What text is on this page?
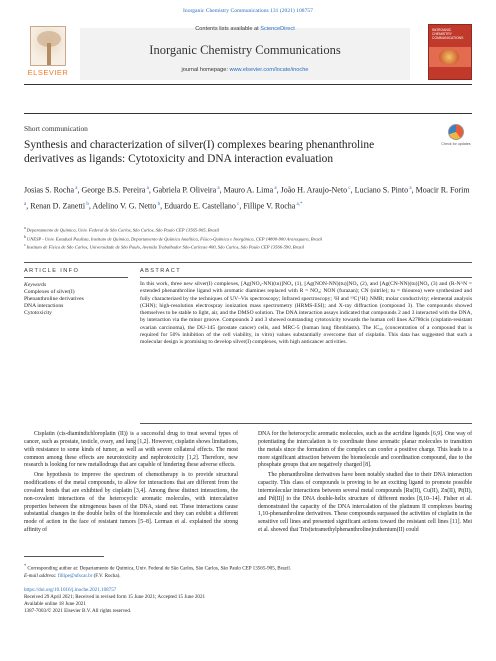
Inorganic Chemistry Communications 131 (2021) 108757
ELSEVIER
Contents lists available at ScienceDirect
Inorganic Chemistry Communications
journal homepage: www.elsevier.com/locate/inoche
INORGANIC CHEMISTRY COMMUNICATIONS
Short communication
Synthesis and characterization of silver(I) complexes bearing phenanthroline derivatives as ligands: Cytotoxicity and DNA interaction evaluation
Check for updates
Josias S. Rocha $^a$, George B.S. Pereira $^a$, Gabriela P. Oliveira $^a$, Mauro A. Lima $^a$, João H. Araujo-Neto $^c$, Luciano S. Pinto $^a$, Moacir R. Forim $^a$, Renan D. Zanetti $^b$, Adelino V. G. Netto $^b$, Eduardo E. Castellano $^c$, Fillipe V. Rocha $^{a,*}$
$^a$ Departamento de Química, Univ. Federal de São Carlos, São Carlos, São Paulo CEP 13565-905, Brazil
$^b$ UNESP - Univ. Estadual Paulista, Instituto de Química, Departamento de Química Analítica, Físico-Química e Inorgânica, CEP 14800-900 Araraquara, Brazil
$^c$ Instituto de Física de São Carlos, Universidade de São Paulo, Avenida Trabalhador São-Carlense 400, São Carlos, São Paulo CEP 13566-590, Brazil
ARTICLE INFO	ABSTRACT
Keywords
Complexes of silver(I)
Phenanthroline derivatives
DNA interactions
Cytotoxicity
In this work, three new silver(I) complexes, [Ag(NO₂-NN)(tu)]NO₃ (1), [Ag(NON-NN)(tu)]NO₃ (2), and [Ag(CN-NN)(tu)]NO₃ (3) and (R-N^N = extended phenanthroline ligand with aromatic diamines replaced with R = NO₂; NON (furazan); CN (nitrile); tu = thiourea) were synthesized and fully characterized by the techniques of UV–Vis spectroscopy; Infrared spectroscopy; ¹H and ¹³C{¹H} NMR; molar conductivity; elemental analysis (CHN); high-resolution electrospray ionization mass spectrometry (HRMS-ESI); and X-ray diffraction (compound 3). The compounds showed themselves to be stable to light, air, and the DMSO solution. The DNA interaction assays indicated that compounds 2 and 3 interacted with the DNA, by interaction via the minor groove. Compounds 2 and 3 showed outstanding cytotoxicity towards the human cell lines A2780cis (cisplatin-resistant ovarian carcinoma), the DU-145 (prostate cancer) cells, and MRC-5 (human lung fibroblasts). The IC₅₀ (concentration of a compound that is required for 50% inhibition of the cell viability, in vitro) values substantially overcome that of cisplatin. This data has suggested that such a molecular design is promising to develop silver(I) complexes, with high anticancer activities.

Cisplatin (cis-diamindichloroplatin (II)) is a successful drug to treat several types of cancer, such as prostate, testicle, ovary, and lung [1,2]. However, cisplatin shows limitations, with resistance to some kinds of tumor, as well as with severe collateral effects. The most common among these effects are neurotoxicity and nephrotoxicity [1,2]. Therefore, new research is looking for new metallodrugs that are capable of hindering these adverse effects.

One hypothesis to improve the spectrum of chemotherapy is to provide structural modifications of the metal compounds, to allow for interactions that are different from the covalent bonds that are exhibited by cisplatin [3,4]. Among these distinct interactions, the non-covalent interactions of the heterocyclic aromatic molecules, with intercalative properties between the nitrogenous bases of the DNA, stand out. These interactions cause substantial changes in the double helix of the biomolecule and they can exhibit a different mode of action in the face of resistant tumors [5–8]. Lerman et al. explained the strong affinity of

DNA for the heterocyclic aromatic molecules, such as the acridine ligands [6,9]. One way of potentiating the intercalation is to coordinate these aromatic planar molecules to transition the metals since the formation of the complex can confer a positive charge. This leads to a more significant attraction between the biomolecule and coordination compound, due to the phosphate groups that are negatively charged [8].

The phenanthroline derivatives have been notably studied due to their DNA interaction capacity. This class of compounds is proving to be an exciting ligand to promote possible intermolecular interactions between several metal compounds [Ru(II), Cu(II), Zn(II), Pt(II), and Pd(II)] to the DNA double-helix structure of different modes [8,10–14]. Fisher et al. demonstrated the capacity of the DNA intercalation of the platinum II complexes bearing 1,10-phenanthroline derivatives. These compounds surpassed the activities of cisplatin in the sensitive cell lines and presented significant actions toward the resistant cell lines [11]. Mei et al. showed that Tris(tetramethylphenanthroline)ruthenium(II) could

* Corresponding author at: Departamento de Química, Univ. Federal de São Carlos, São Carlos, São Paulo CEP 13565-905, Brazil.
E-mail address: fillipe@ufscar.br (F.V. Rocha).
https://doi.org/10.1016/j.inoche.2021.108757
Received 29 April 2021; Received in revised form 15 June 2021; Accepted 15 June 2021
Available online 18 June 2021
1387-7003/© 2021 Elsevier B.V. All rights reserved.
